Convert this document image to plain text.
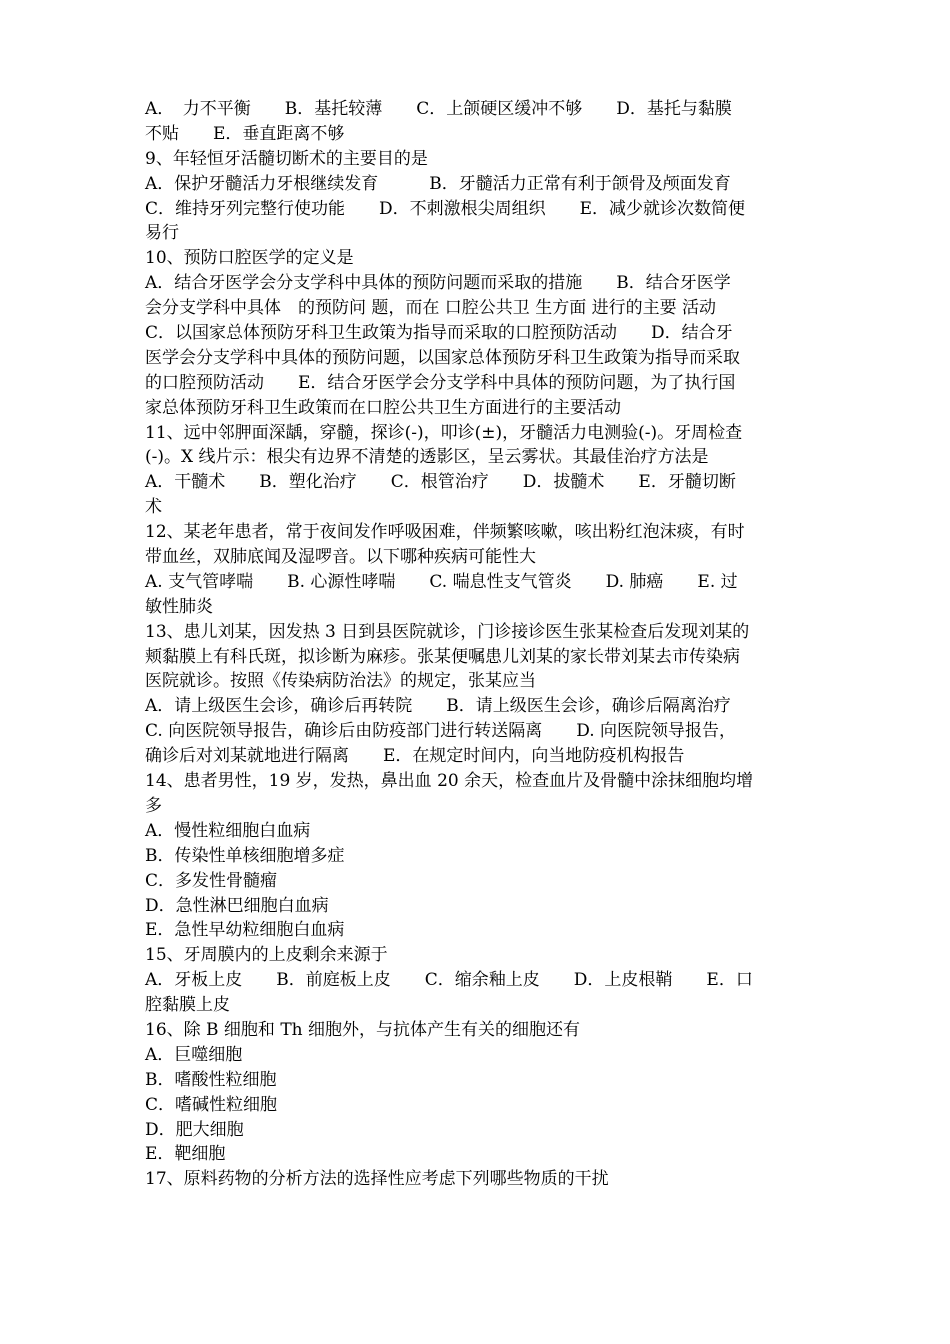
A．　力不平衡　　B．基托较薄　　C．上颌硬区缓冲不够　　D．基托与黏膜
不贴　　E．垂直距离不够
9、年轻恒牙活髓切断术的主要目的是
A．保护牙髓活力牙根继续发育　　　B．牙髓活力正常有利于颌骨及颅面发育
C．维持牙列完整行使功能　　D．不刺激根尖周组织　　E．减少就诊次数简便
易行
10、预防口腔医学的定义是
A．结合牙医学会分支学科中具体的预防问题而采取的措施　　B．结合牙医学
会分支学科中具体　的预防问 题，而在 口腔公共卫 生方面 进行的主要 活动
C．以国家总体预防牙科卫生政策为指导而采取的口腔预防活动　　D．结合牙
医学会分支学科中具体的预防问题，以国家总体预防牙科卫生政策为指导而采取
的口腔预防活动　　E．结合牙医学会分支学科中具体的预防问题，为了执行国
家总体预防牙科卫生政策而在口腔公共卫生方面进行的主要活动
11、远中邻胛面深龋，穿髓，探诊(-)，叩诊(±)，牙髓活力电测验(-)。牙周检查
(-)。X 线片示：根尖有边界不清楚的透影区，呈云雾状。其最佳治疗方法是
A．干髓术　　B．塑化治疗　　C．根管治疗　　D．拔髓术　　E．牙髓切断
术
12、某老年患者，常于夜间发作呼吸困难，伴频繁咳嗽，咳出粉红泡沫痰，有时
带血丝，双肺底闻及湿啰音。以下哪种疾病可能性大
A. 支气管哮喘　　B. 心源性哮喘　　C. 喘息性支气管炎　　D. 肺癌　　E. 过
敏性肺炎
13、患儿刘某，因发热 3 日到县医院就诊，门诊接诊医生张某检查后发现刘某的
颊黏膜上有科氏斑，拟诊断为麻疹。张某便嘱患儿刘某的家长带刘某去市传染病
医院就诊。按照《传染病防治法》的规定，张某应当
A．请上级医生会诊，确诊后再转院　　B．请上级医生会诊，确诊后隔离治疗
C. 向医院领导报告，确诊后由防疫部门进行转送隔离　　D. 向医院领导报告，
确诊后对刘某就地进行隔离　　E．在规定时间内，向当地防疫机构报告
14、患者男性，19 岁，发热，鼻出血 20 余天，检查血片及骨髓中涂抹细胞均增
多
A．慢性粒细胞白血病
B．传染性单核细胞增多症
C．多发性骨髓瘤
D．急性淋巴细胞白血病
E．急性早幼粒细胞白血病
15、牙周膜内的上皮剩余来源于
A．牙板上皮　　B．前庭板上皮　　C．缩余釉上皮　　D．上皮根鞘　　E．口
腔黏膜上皮
16、除 B 细胞和 Th 细胞外，与抗体产生有关的细胞还有
A．巨噬细胞
B．嗜酸性粒细胞
C．嗜碱性粒细胞
D．肥大细胞
E．靶细胞
17、原料药物的分析方法的选择性应考虑下列哪些物质的干扰
